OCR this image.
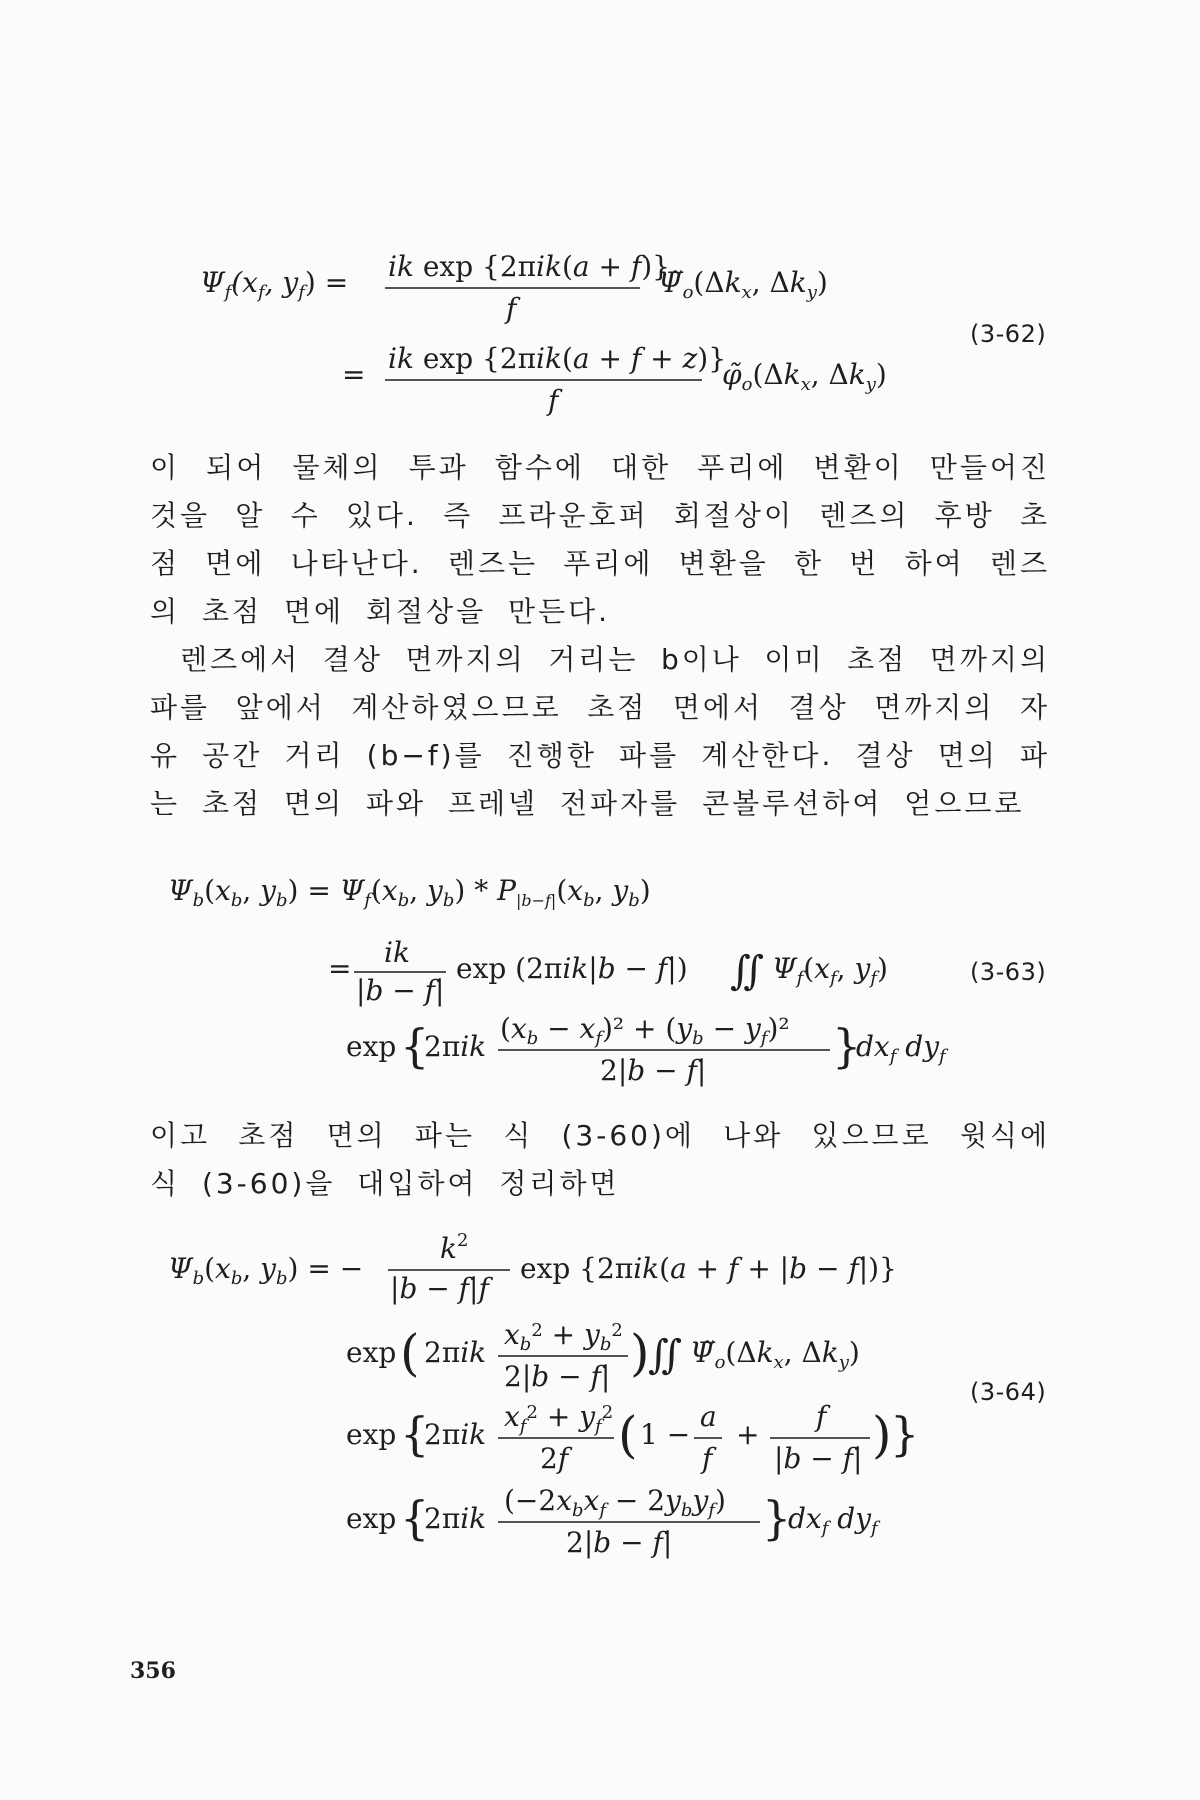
$\Psi_f(x_f$, $y_f$) = ik exp {2πik(a + f)}
f
$\Psĩ_o(\Delta k_x$, $\Delta k_y$)
= ik exp {2πik(a + f + z)}
f
$\varphĩ_o(\Delta k_x$, $\Delta k_y$)
(3-62)
이 되어 물체의 투과 함수에 대한 푸리에 변환이 만들어진 것을 알 수 있다. 즉 프라운호퍼 회절상이 렌즈의 후방 초점 면에 나타난다. 렌즈는 푸리에 변환을 한 번 하여 렌즈의 초점 면에 회절상을 만든다.
렌즈에서 결상 면까지의 거리는 b이나 이미 초점 면까지의 파를 앞에서 계산하였으므로 초점 면에서 결상 면까지의 자유 공간 거리 (b−f)를 진행한 파를 계산한다. 결상 면의 파는 초점 면의 파와 프레넬 전파자를 콘볼루션하여 얻으므로
$\Psi_b(x_b$, $y_b) = \Psi_f(x_b$, $y_b) * P_{|b-f|}(x_b$, $y_b$)
= ik
|b − f|
exp (2πik|b − f|) ∬ $\Psi_f(x_f$, $y_f$)
exp {
2πik
$(x_b - x_f)^2 + (y_b - y_f)^2$
2|b − f|	}
$dx_f$ $dy_f$
(3-63)
이고 초점 면의 파는 식 (3-60)에 나와 있으므로 윗식에 식 (3-60)을 대입하여 정리하면
$\Psi_b(x_b$, $y_b$) = −
$k^2$
|b − f|f
exp {2πik(a + f + |b − f|)}
exp ( 2πik
$x_b^2 + y_b^2$
2|b − f| )
∬ $\Psĩ_o(\Delta k_x$, $\Delta k_y$)
exp {
2πik
$x_f^2 + y_f^2$
2f ( 1 −
a
f
+
f
|b − f| )
}
exp {
2πik
$(-2x_bx_f - 2y_by_f)$
2|b − f| }
$dx_f$ $dy_f$
(3-64)
356
